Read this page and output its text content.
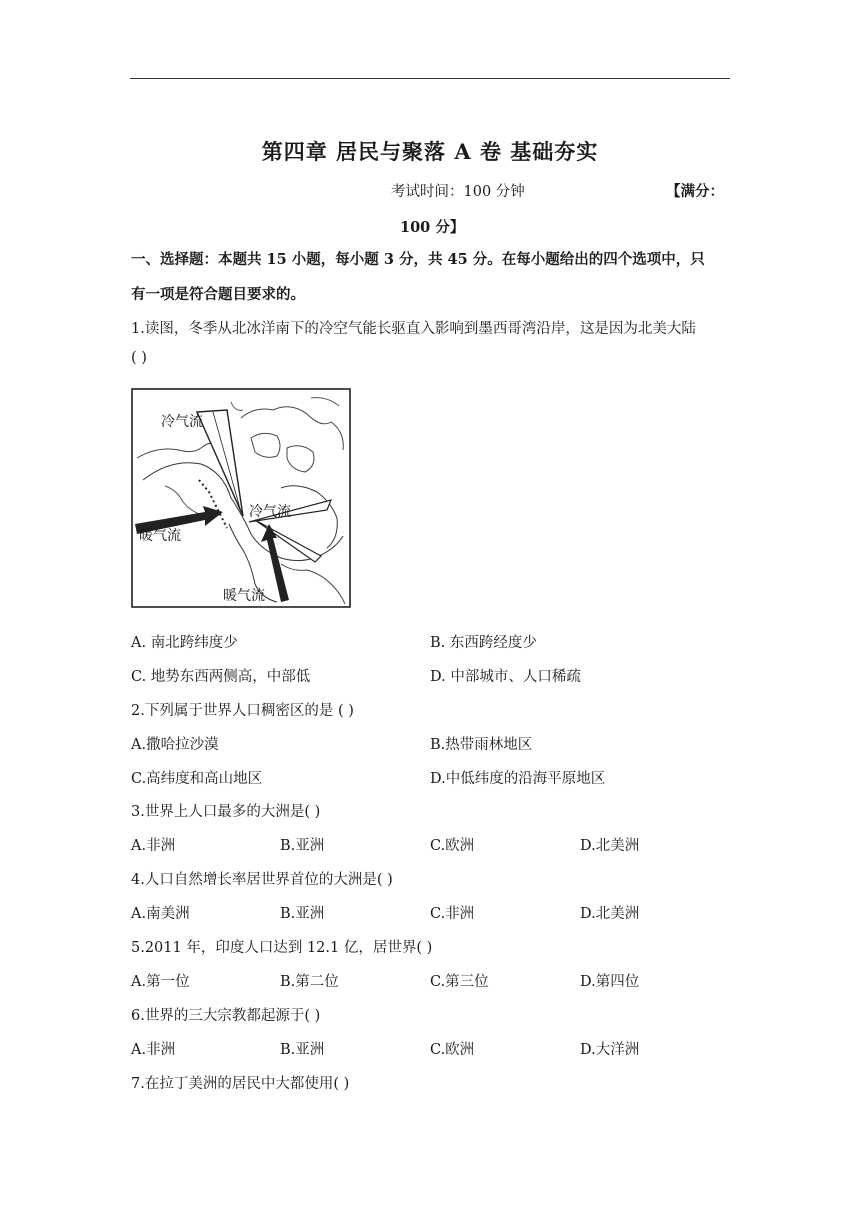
第四章 居民与聚落 A 卷 基础夯实
考试时间：100 分钟	【满分：
100 分】
一、选择题：本题共 15 小题，每小题 3 分，共 45 分。在每小题给出的四个选项中，只
有一项是符合题目要求的。
1.读图，冬季从北冰洋南下的冷空气能长驱直入影响到墨西哥湾沿岸，这是因为北美大陆
( )
冷气流
冷气流
暖气流
暖气流
A. 南北跨纬度少	B. 东西跨经度少
C. 地势东西两侧高，中部低	D. 中部城市、人口稀疏
2.下列属于世界人口稠密区的是 ( )
A.撒哈拉沙漠	B.热带雨林地区
C.高纬度和高山地区	D.中低纬度的沿海平原地区
3.世界上人口最多的大洲是( )
A.非洲	B.亚洲	C.欧洲	D.北美洲
4.人口自然增长率居世界首位的大洲是( )
A.南美洲	B.亚洲	C.非洲	D.北美洲
5.2011 年，印度人口达到 12.1 亿，居世界( )
A.第一位	B.第二位	C.第三位	D.第四位
6.世界的三大宗教都起源于( )
A.非洲	B.亚洲	C.欧洲	D.大洋洲
7.在拉丁美洲的居民中大都使用( )
